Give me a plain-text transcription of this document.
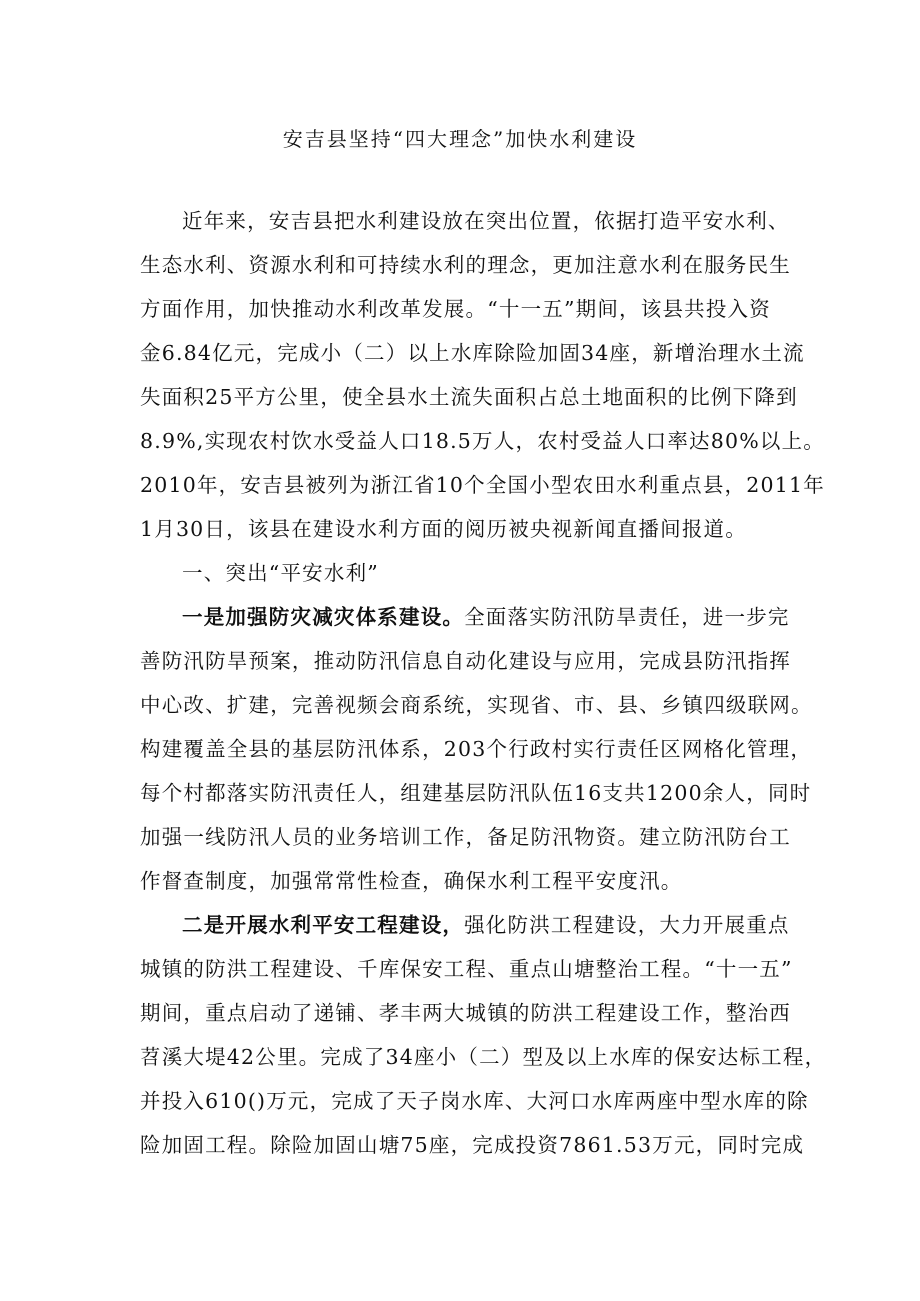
安吉县坚持“四大理念”加快水利建设
近年来，安吉县把水利建设放在突出位置，依据打造平安水利、
生态水利、资源水利和可持续水利的理念，更加注意水利在服务民生
方面作用，加快推动水利改革发展。“十一五”期间，该县共投入资
金6.84亿元，完成小（二）以上水库除险加固34座，新增治理水土流
失面积25平方公里，使全县水土流失面积占总土地面积的比例下降到
8.9%,实现农村饮水受益人口18.5万人，农村受益人口率达80%以上。
2010年，安吉县被列为浙江省10个全国小型农田水利重点县，2011年
1月30日，该县在建设水利方面的阅历被央视新闻直播间报道。
一、突出“平安水利”
一是加强防灾减灾体系建设。全面落实防汛防旱责任，进一步完
善防汛防旱预案，推动防汛信息自动化建设与应用，完成县防汛指挥
中心改、扩建，完善视频会商系统，实现省、市、县、乡镇四级联网。
构建覆盖全县的基层防汛体系，203个行政村实行责任区网格化管理，
每个村都落实防汛责任人，组建基层防汛队伍16支共1200余人，同时
加强一线防汛人员的业务培训工作，备足防汛物资。建立防汛防台工
作督查制度，加强常常性检查，确保水利工程平安度汛。
二是开展水利平安工程建设，强化防洪工程建设，大力开展重点
城镇的防洪工程建设、千库保安工程、重点山塘整治工程。“十一五”
期间，重点启动了递铺、孝丰两大城镇的防洪工程建设工作，整治西
苕溪大堤42公里。完成了34座小（二）型及以上水库的保安达标工程，
并投入610()万元，完成了天子岗水库、大河口水库两座中型水库的除
险加固工程。除险加固山塘75座，完成投资7861.53万元，同时完成
